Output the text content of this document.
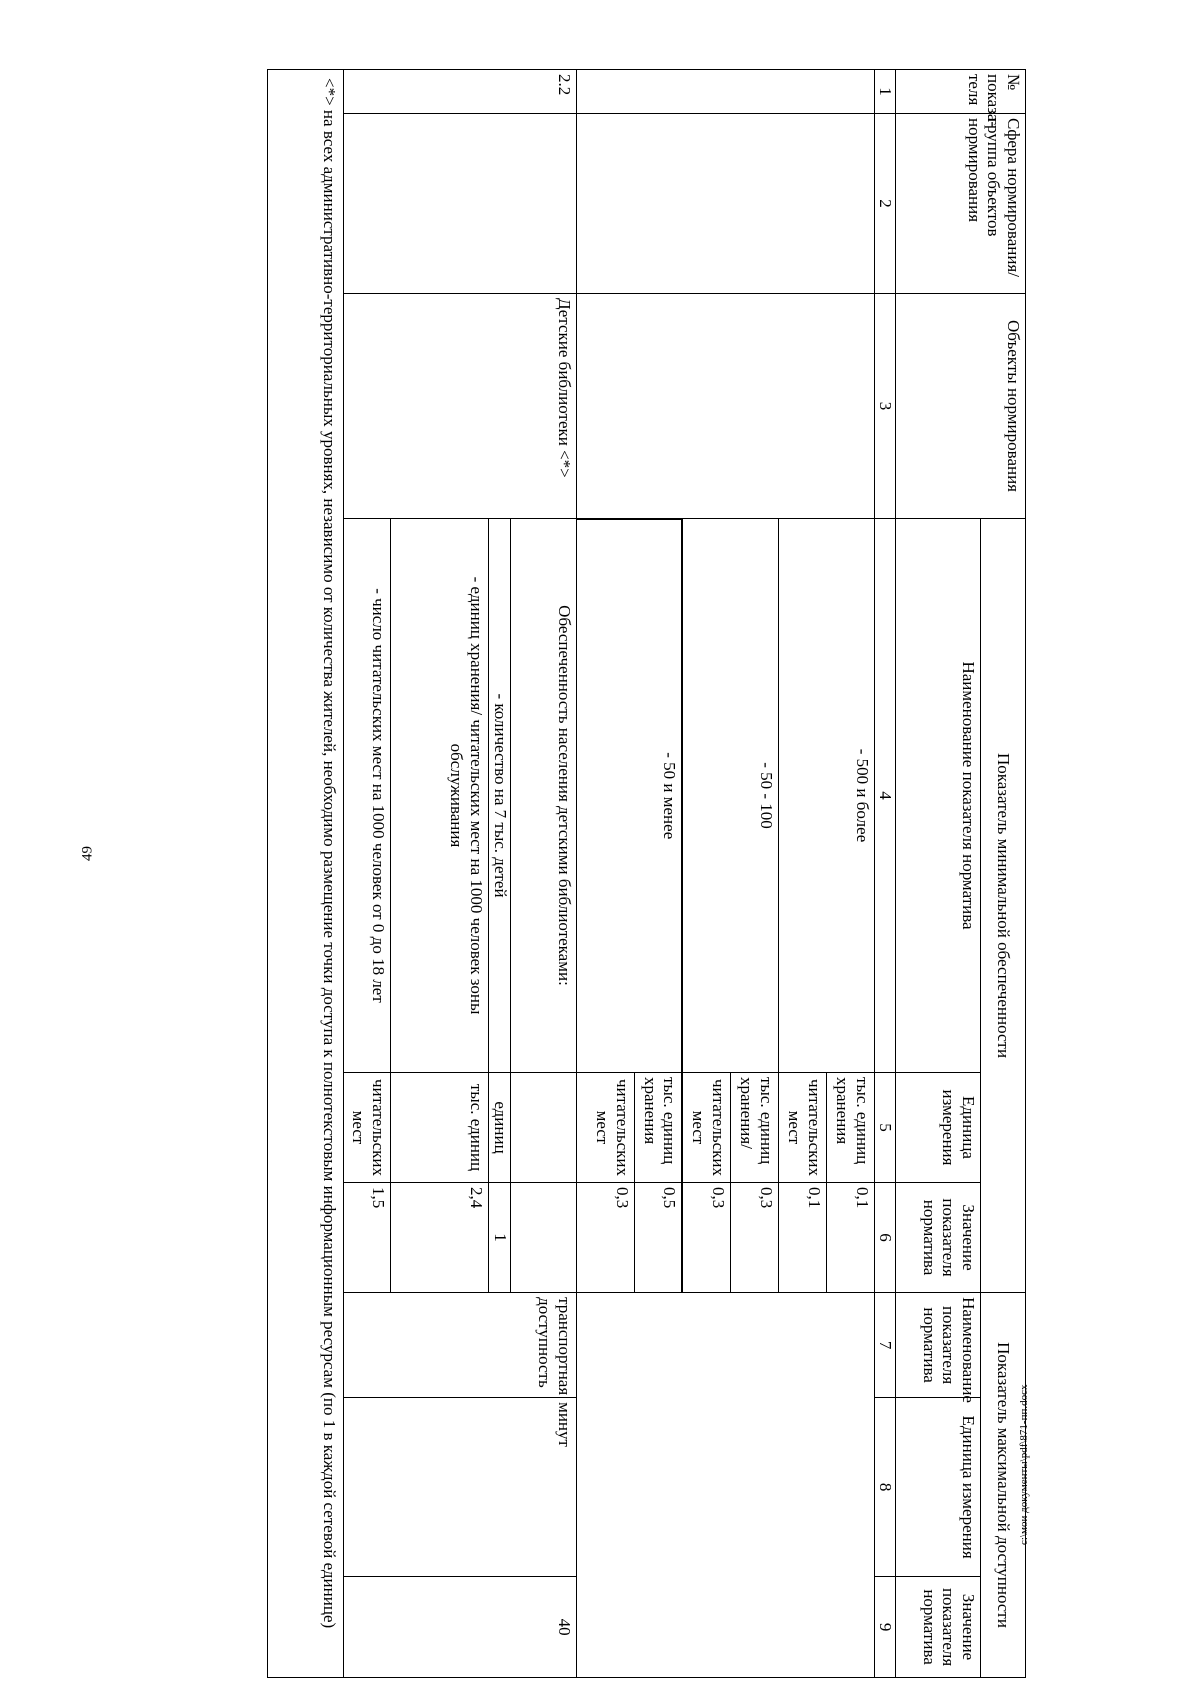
49
c:\мои документы\pdf\871-пп.docx
№ показа- теля	Сфера нормирования/ группа объектов нормирования	Объекты нормирования	Показатель минимальной обеспеченности			Показатель максимальной доступности		
			Наименование показателя норматива	Единица измерения	Значение показателя норматива	Наименование показателя норматива	Единица измерения	Значение показателя норматива
1	2	3	4	5	6	7	8	9
			- 500 и более	тыс. единиц хранения	0,1			
				читательских мест	0,1			
			- 50 - 100	тыс. единиц хранения/	0,3			
				читательских мест	0,3			
			- 50 и менее	тыс. единиц хранения	0,5			
				читательских мест	0,3			
2.2		Детские библиотеки <*>	Обеспеченность населения детскими библиотеками:			транспортная доступность	минут	40
			- количество на 7 тыс. детей	единиц	1			
			- единиц хранения/ читательских мест на 1000 человек зоны обслуживания	тыс. единиц	2,4			
			- число читательских мест на 1000 человек от 0 до 18 лет	читательских мест	1,5			
<*> на всех административно-территориальных уровнях, независимо от количества жителей, необходимо размещение точки доступа к полнотекстовым информационным ресурсам (по 1 в каждой сетевой единице)								
